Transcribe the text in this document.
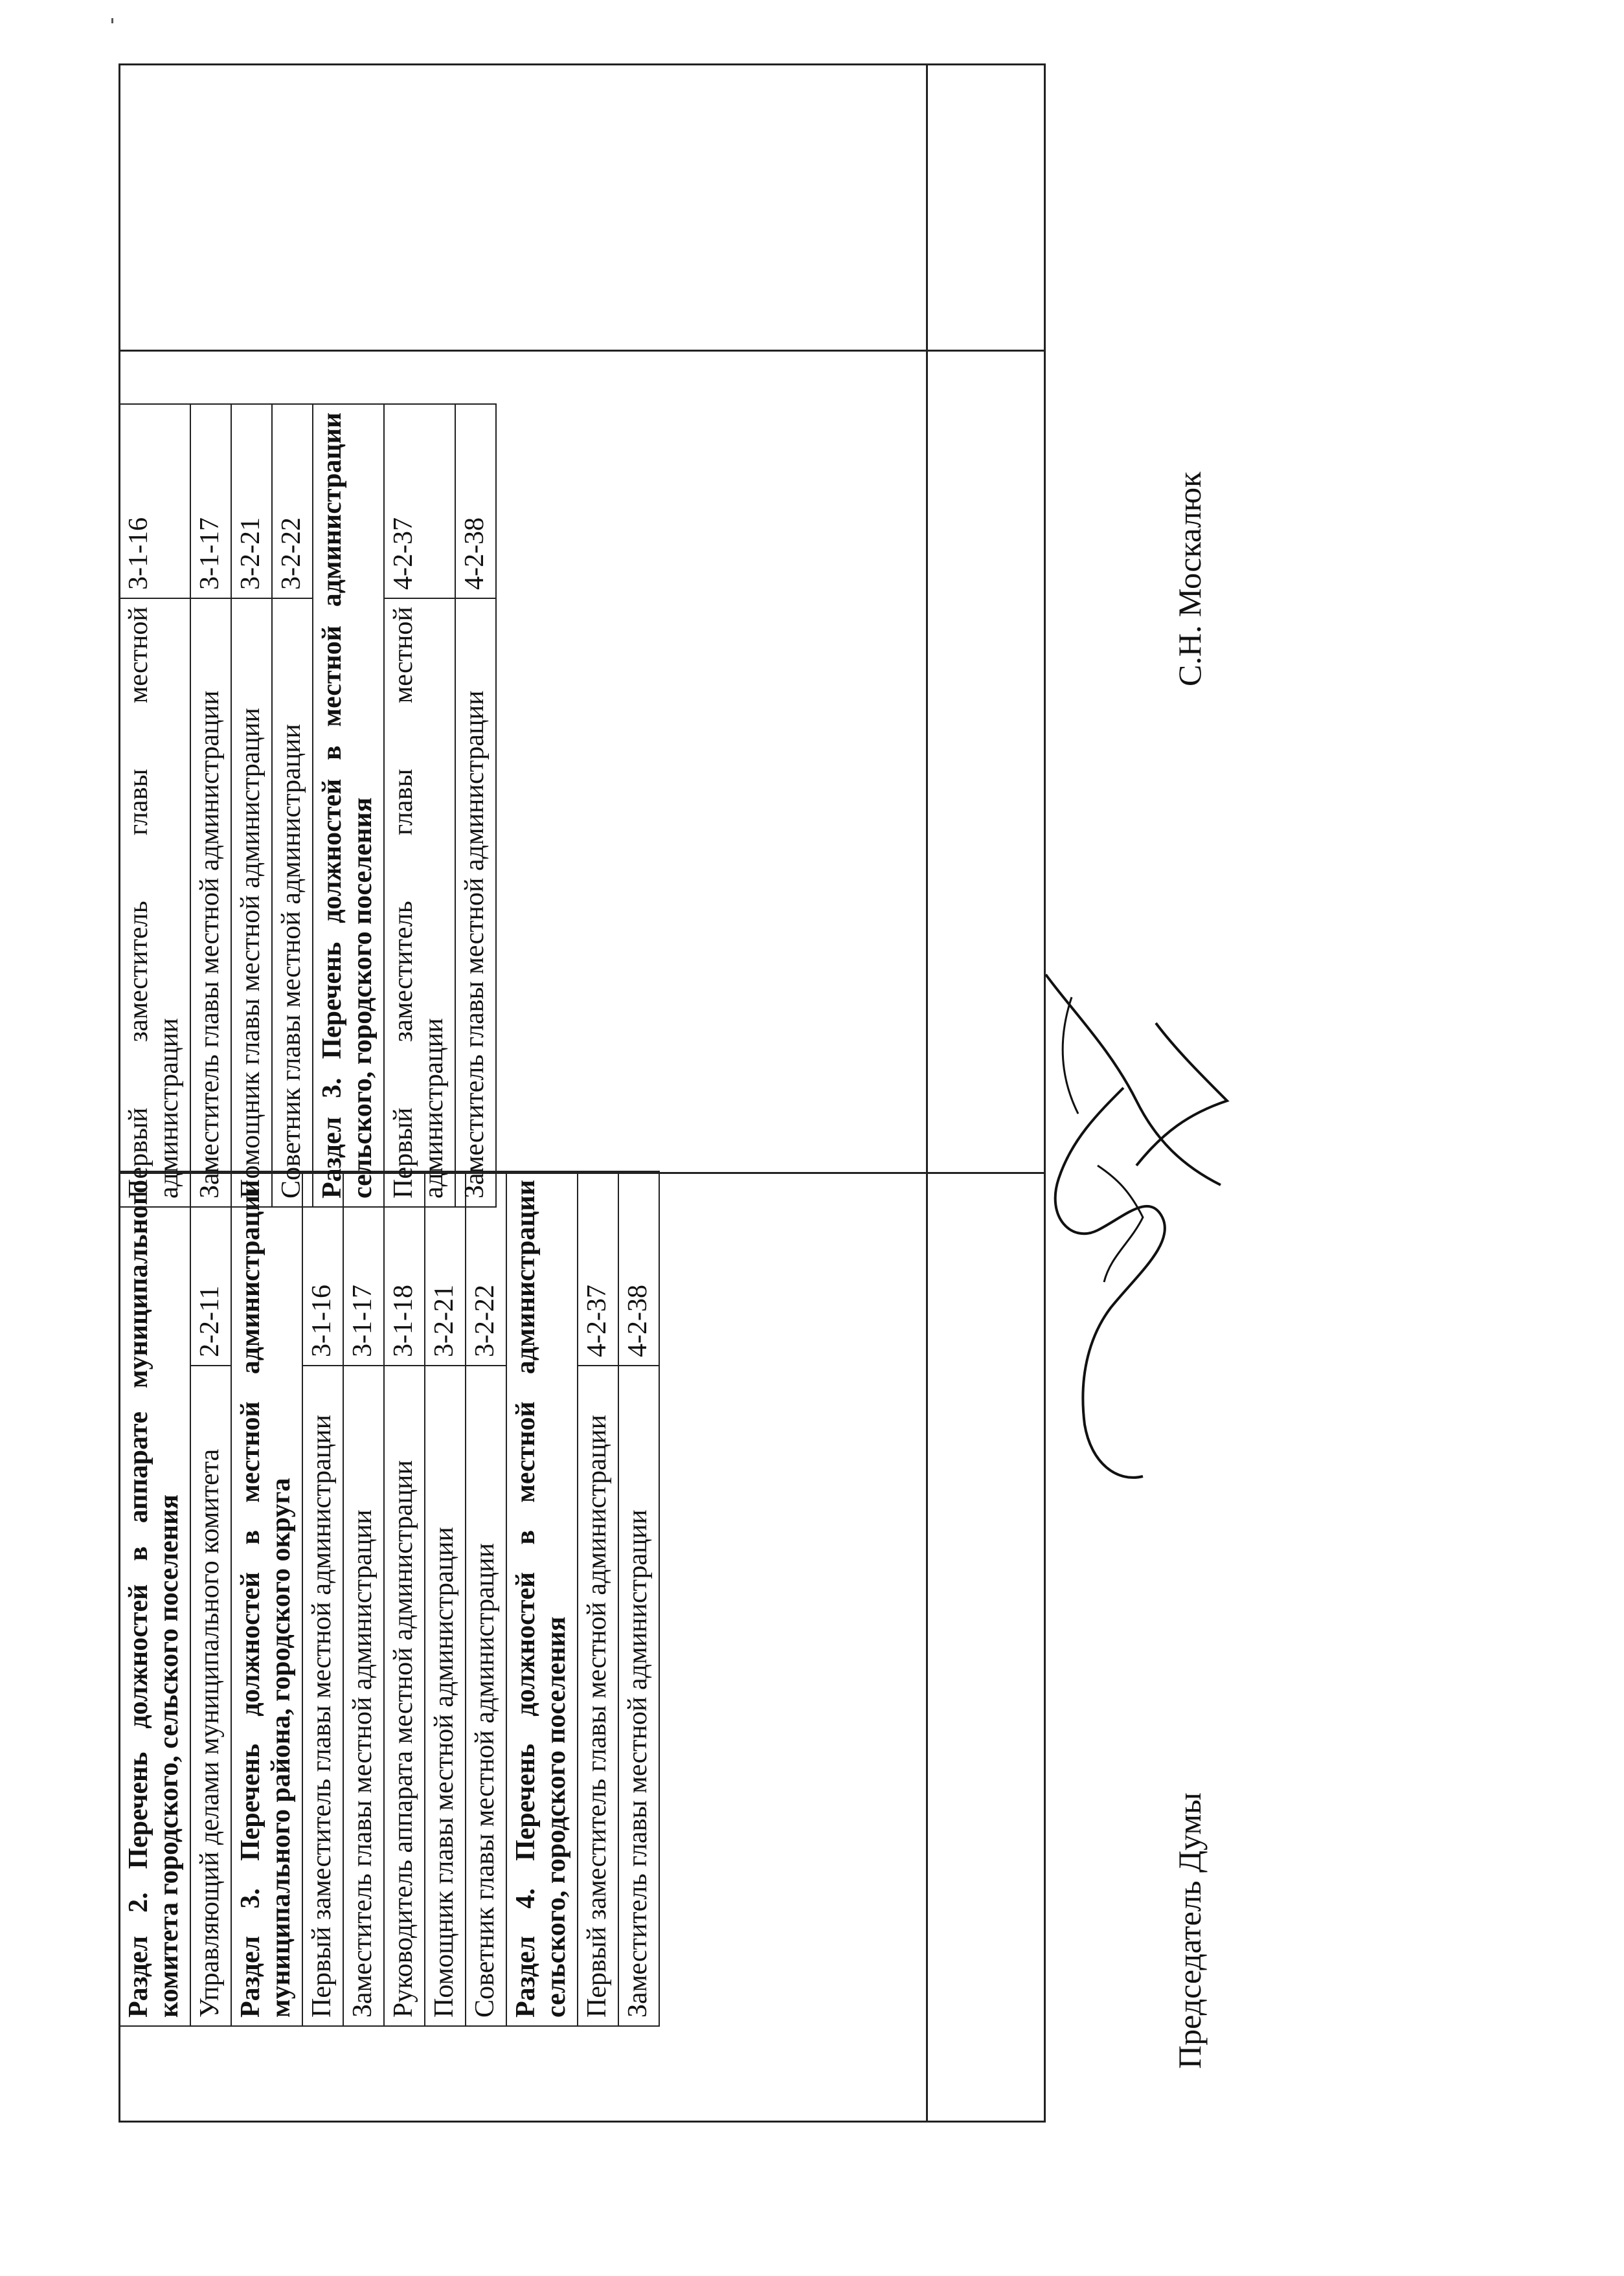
Раздел 2. Перечень должностей в аппарате муниципального комитета городского, сельского поселения	
Управляющий делами муниципального комитета	2-2-11
Раздел 3. Перечень должностей в местной администрации муниципального района, городского округа	
Первый заместитель главы местной администрации	3-1-16
Заместитель главы местной администрации	3-1-17
Руководитель аппарата местной администрации	3-1-18
Помощник главы местной администрации	3-2-21
Советник главы местной администрации	3-2-22
Раздел 4. Перечень должностей в местной администрации сельского, городского поселения	
Первый заместитель главы местной администрации	4-2-37
Заместитель главы местной администрации	4-2-38
Первый заместитель главы местной администрации	3-1-16
Заместитель главы местной администрации	3-1-17
Помощник главы местной администрации	3-2-21
Советник главы местной администрации	3-2-22
Раздел 3. Перечень должностей в местной администрации сельского, городского поселения	
Первый заместитель главы местной администрации	4-2-37
Заместитель главы местной администрации	4-2-38
Председатель Думы
С.Н. Москалюк
